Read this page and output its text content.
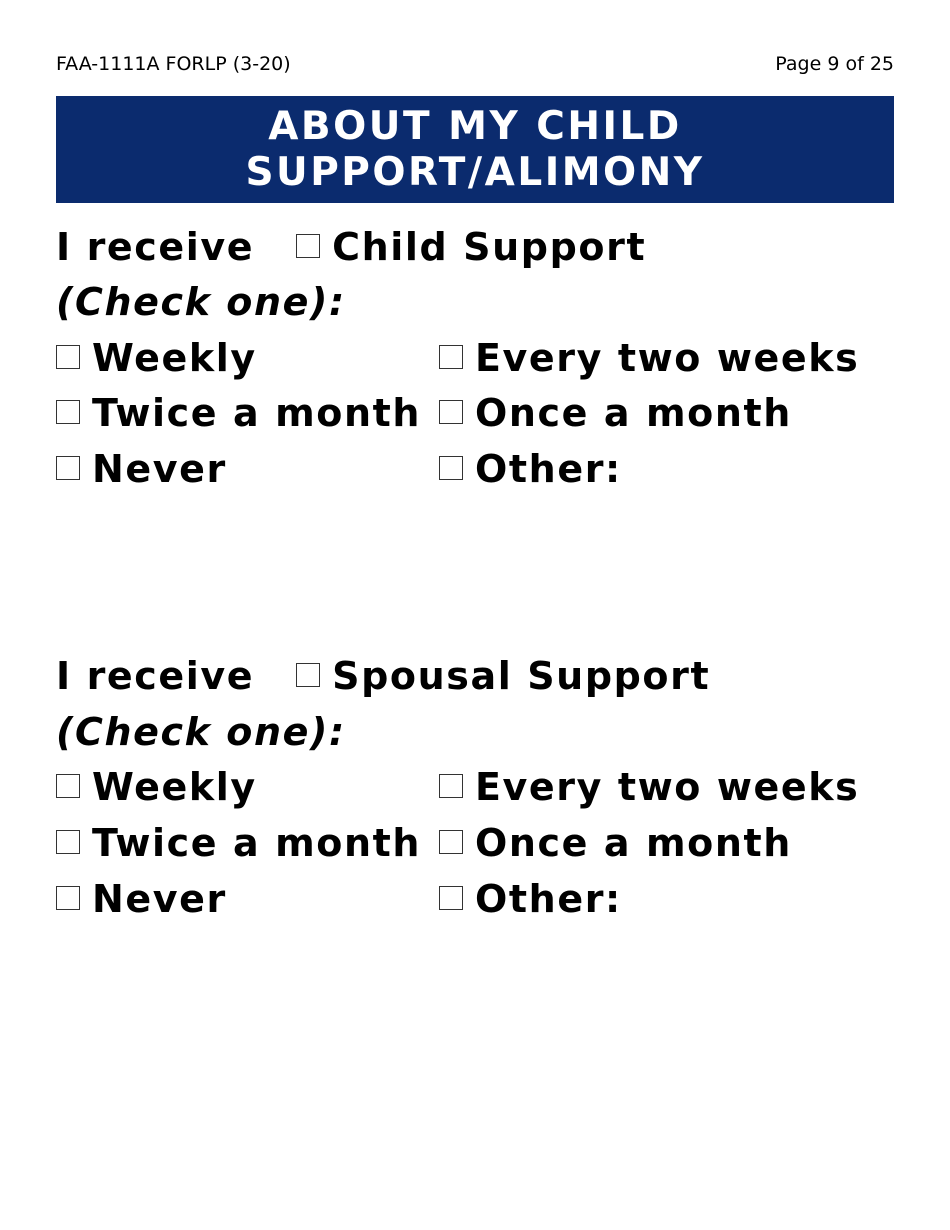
FAA-1111A FORLP (3-20)	Page 9 of 25
ABOUT MY CHILD
SUPPORT/ALIMONY
I receive Child Support
(Check one):
Weekly	Every two weeks
Twice a month	Once a month
Never	Other:
I receive Spousal Support
(Check one):
Weekly	Every two weeks
Twice a month	Once a month
Never	Other:
